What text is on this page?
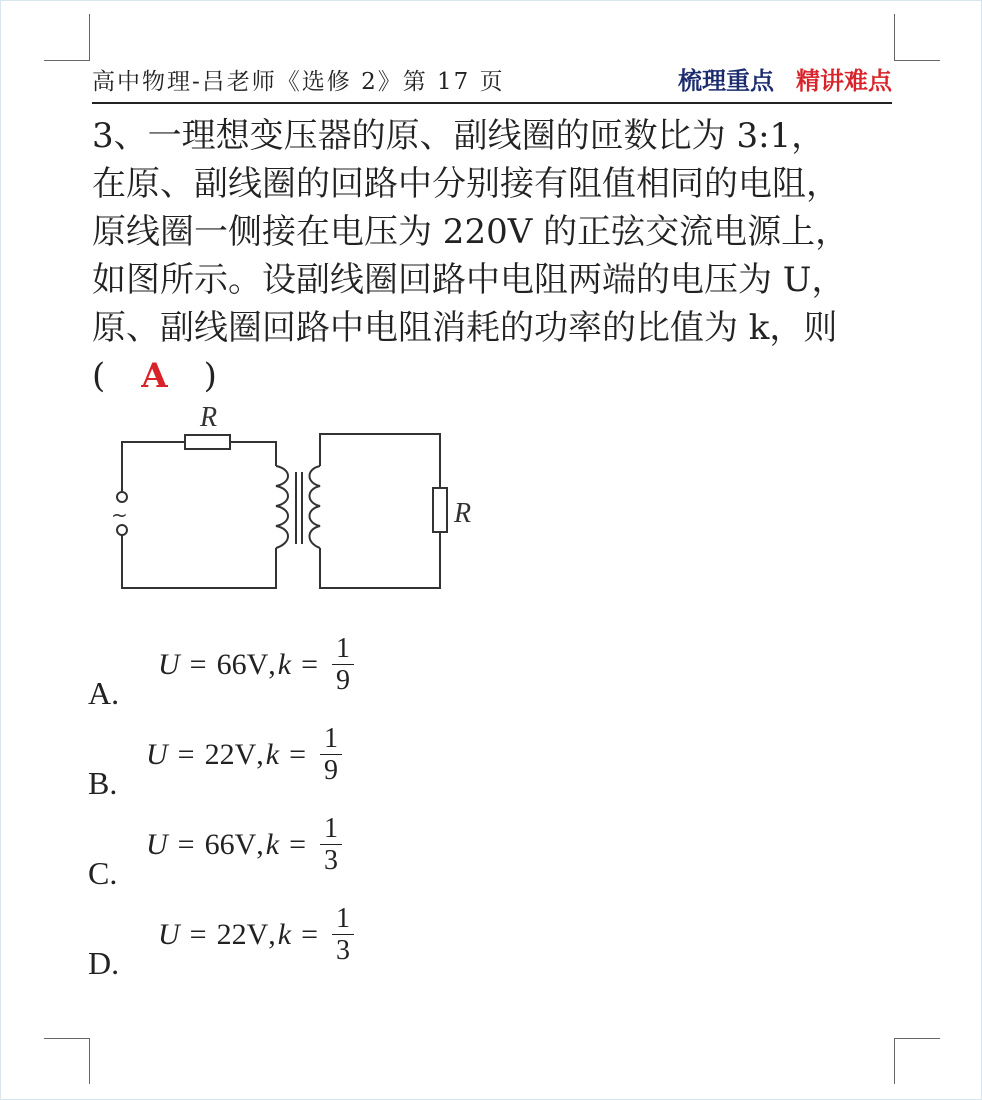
高中物理-吕老师《选修 2》第 17 页	梳理重点 精讲难点
3、一理想变压器的原、副线圈的匝数比为 3:1，
在原、副线圈的回路中分别接有阻值相同的电阻，
原线圈一侧接在电压为 220V 的正弦交流电源上，
如图所示。设副线圈回路中电阻两端的电压为 U，
原、副线圈回路中电阻消耗的功率的比值为 k，则
( A )
R
R
~
A.
U = 66V , $k = \frac{1}{9}$
B.
U = 22V , $k = \frac{1}{9}$
C.
U = 66V , $k = \frac{1}{3}$
D.
U = 22V , $k = \frac{1}{3}$
